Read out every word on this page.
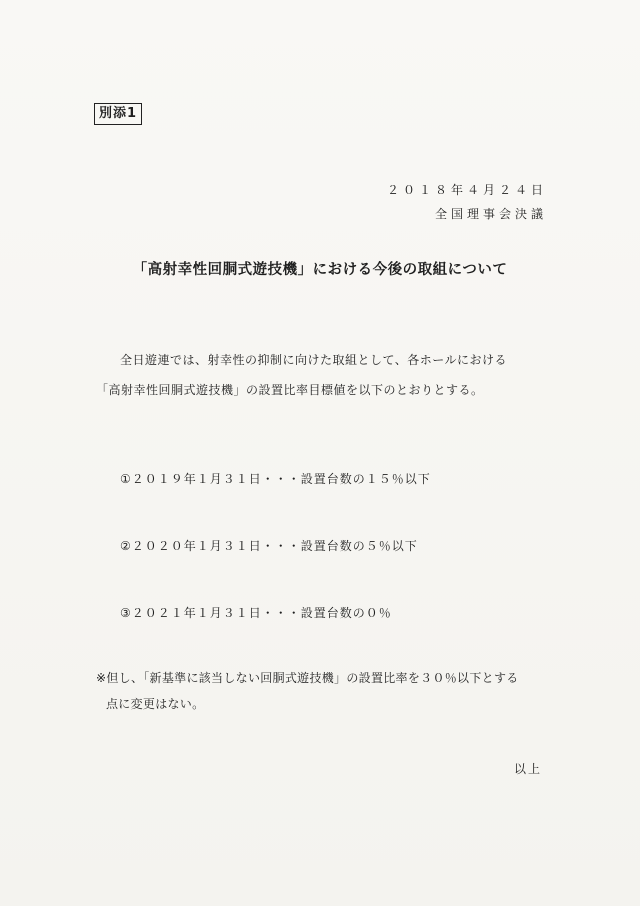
別添1
２０１８年４月２４日
全国理事会決議
「高射幸性回胴式遊技機」における今後の取組について
全日遊連では、射幸性の抑制に向けた取組として、各ホールにおける
「高射幸性回胴式遊技機」の設置比率目標値を以下のとおりとする。
①２０１９年１月３１日・・・設置台数の１５％以下
②２０２０年１月３１日・・・設置台数の５％以下
③２０２１年１月３１日・・・設置台数の０％
※但し、「新基準に該当しない回胴式遊技機」の設置比率を３０％以下とする
点に変更はない。
以上
